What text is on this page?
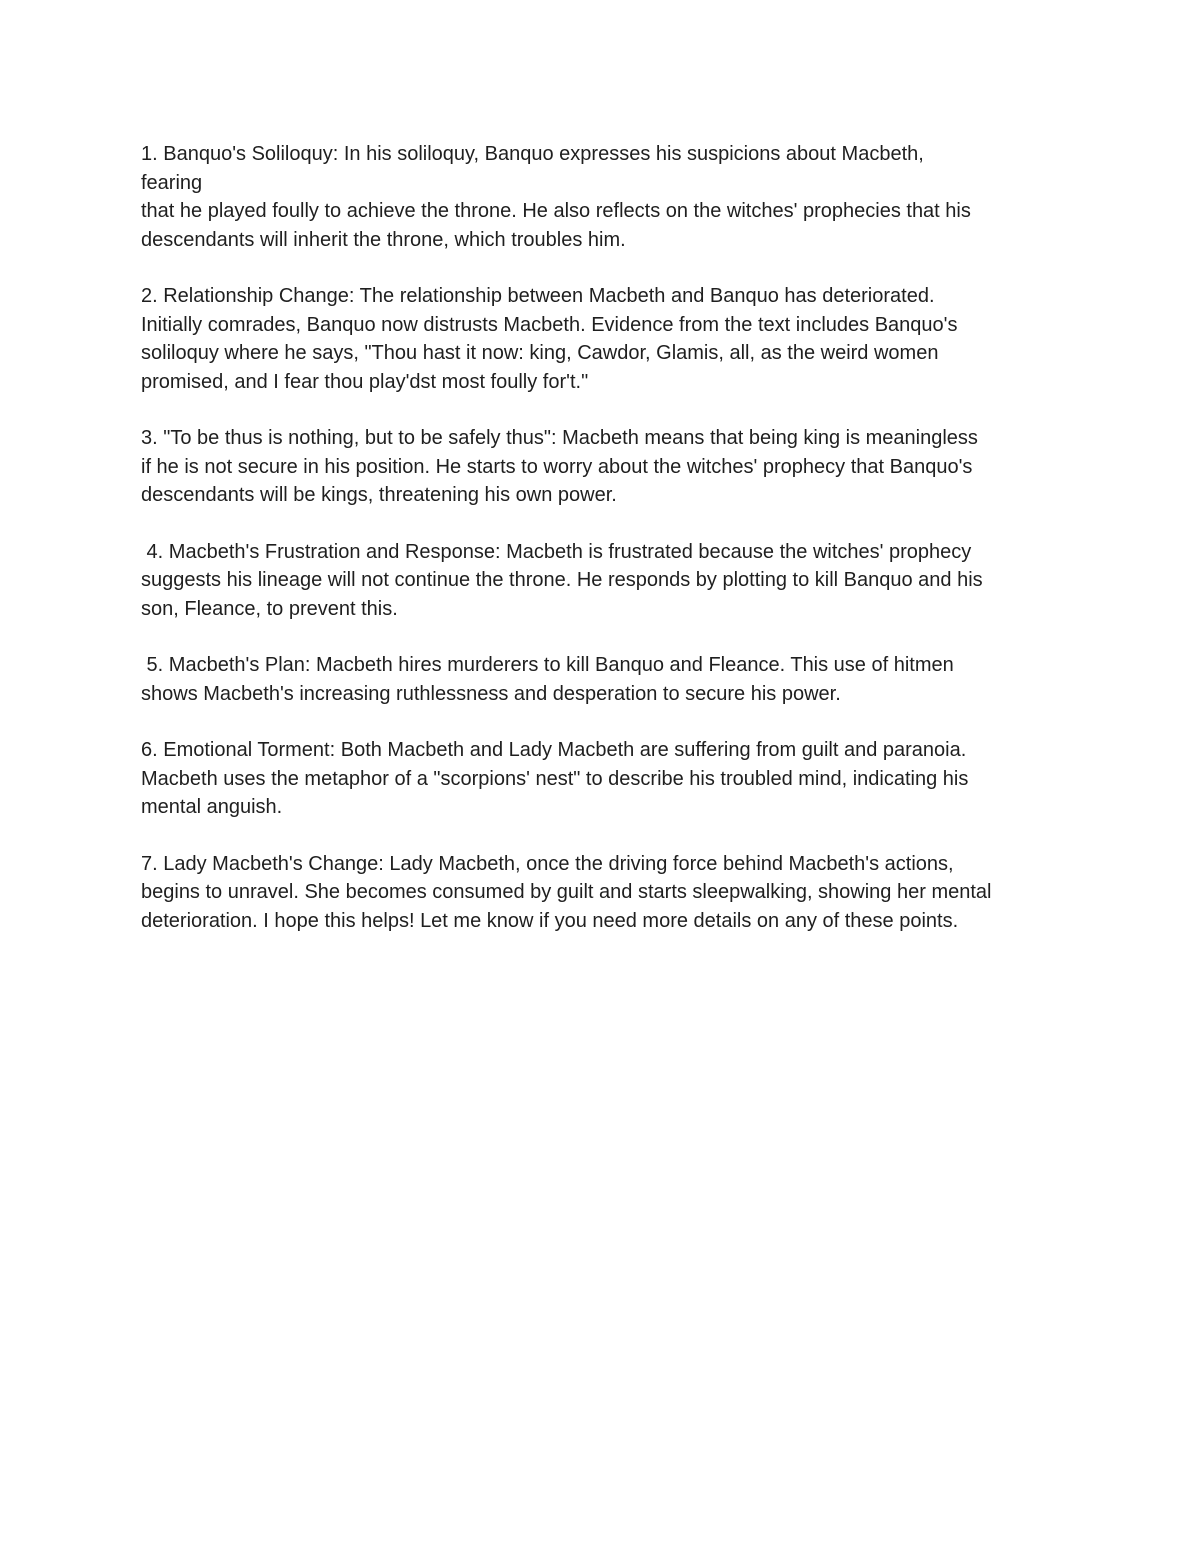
1. Banquo's Soliloquy: In his soliloquy, Banquo expresses his suspicions about Macbeth,
fearing
that he played foully to achieve the throne. He also reflects on the witches' prophecies that his
descendants will inherit the throne, which troubles him.

2. Relationship Change: The relationship between Macbeth and Banquo has deteriorated.
Initially comrades, Banquo now distrusts Macbeth. Evidence from the text includes Banquo's
soliloquy where he says, "Thou hast it now: king, Cawdor, Glamis, all, as the weird women
promised, and I fear thou play'dst most foully for't."

3. "To be thus is nothing, but to be safely thus": Macbeth means that being king is meaningless
if he is not secure in his position. He starts to worry about the witches' prophecy that Banquo's
descendants will be kings, threatening his own power.

4. Macbeth's Frustration and Response: Macbeth is frustrated because the witches' prophecy
suggests his lineage will not continue the throne. He responds by plotting to kill Banquo and his
son, Fleance, to prevent this.

5. Macbeth's Plan: Macbeth hires murderers to kill Banquo and Fleance. This use of hitmen
shows Macbeth's increasing ruthlessness and desperation to secure his power.

6. Emotional Torment: Both Macbeth and Lady Macbeth are suffering from guilt and paranoia.
Macbeth uses the metaphor of a "scorpions' nest" to describe his troubled mind, indicating his
mental anguish.

7. Lady Macbeth's Change: Lady Macbeth, once the driving force behind Macbeth's actions,
begins to unravel. She becomes consumed by guilt and starts sleepwalking, showing her mental
deterioration. I hope this helps! Let me know if you need more details on any of these points.
